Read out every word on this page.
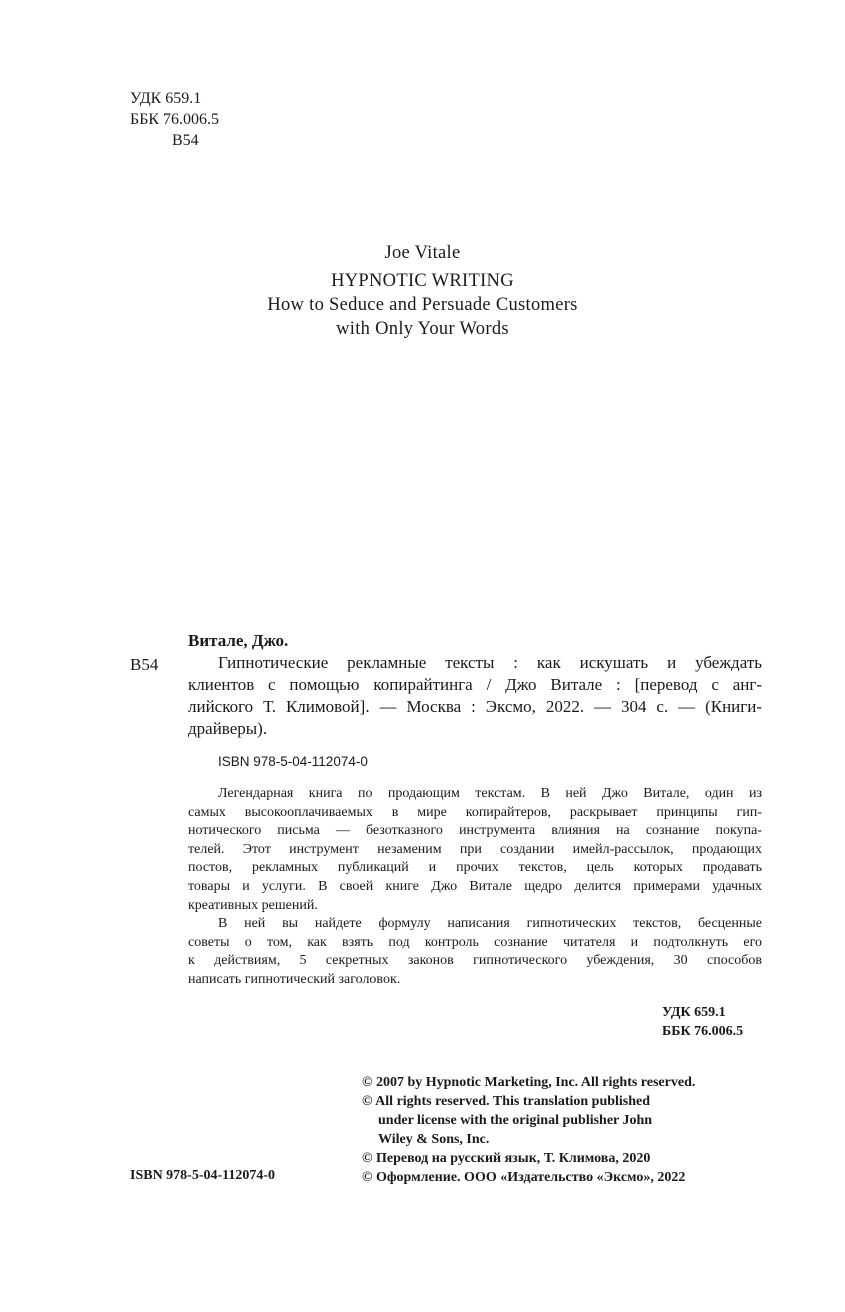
УДК 659.1
ББК 76.006.5
В54
Joe Vitale
HYPNOTIC WRITING
How to Seduce and Persuade Customers
with Only Your Words
Витале, Джо.
В54	Гипнотические рекламные тексты : как искушать и убеждать
клиентов с помощью копирайтинга / Джо Витале : [перевод с анг-
лийского Т. Климовой]. — Москва : Эксмо, 2022. — 304 с. — (Книги-
драйверы).
ISBN 978-5-04-112074-0
Легендарная книга по продающим текстам. В ней Джо Витале, один из
самых высокооплачиваемых в мире копирайтеров, раскрывает принципы гип-
нотического письма — безотказного инструмента влияния на сознание покупа-
телей. Этот инструмент незаменим при создании имейл-рассылок, продающих
постов, рекламных публикаций и прочих текстов, цель которых продавать
товары и услуги. В своей книге Джо Витале щедро делится примерами удачных
креативных решений.
В ней вы найдете формулу написания гипнотических текстов, бесценные
советы о том, как взять под контроль сознание читателя и подтолкнуть его
к действиям, 5 секретных законов гипнотического убеждения, 30 способов
написать гипнотический заголовок.
УДК 659.1
ББК 76.006.5
© 2007 by Hypnotic Marketing, Inc. All rights reserved.
© All rights reserved. This translation published
under license with the original publisher John
Wiley & Sons, Inc.
© Перевод на русский язык, Т. Климова, 2020
© Оформление. ООО «Издательство «Эксмо», 2022
ISBN 978-5-04-112074-0
